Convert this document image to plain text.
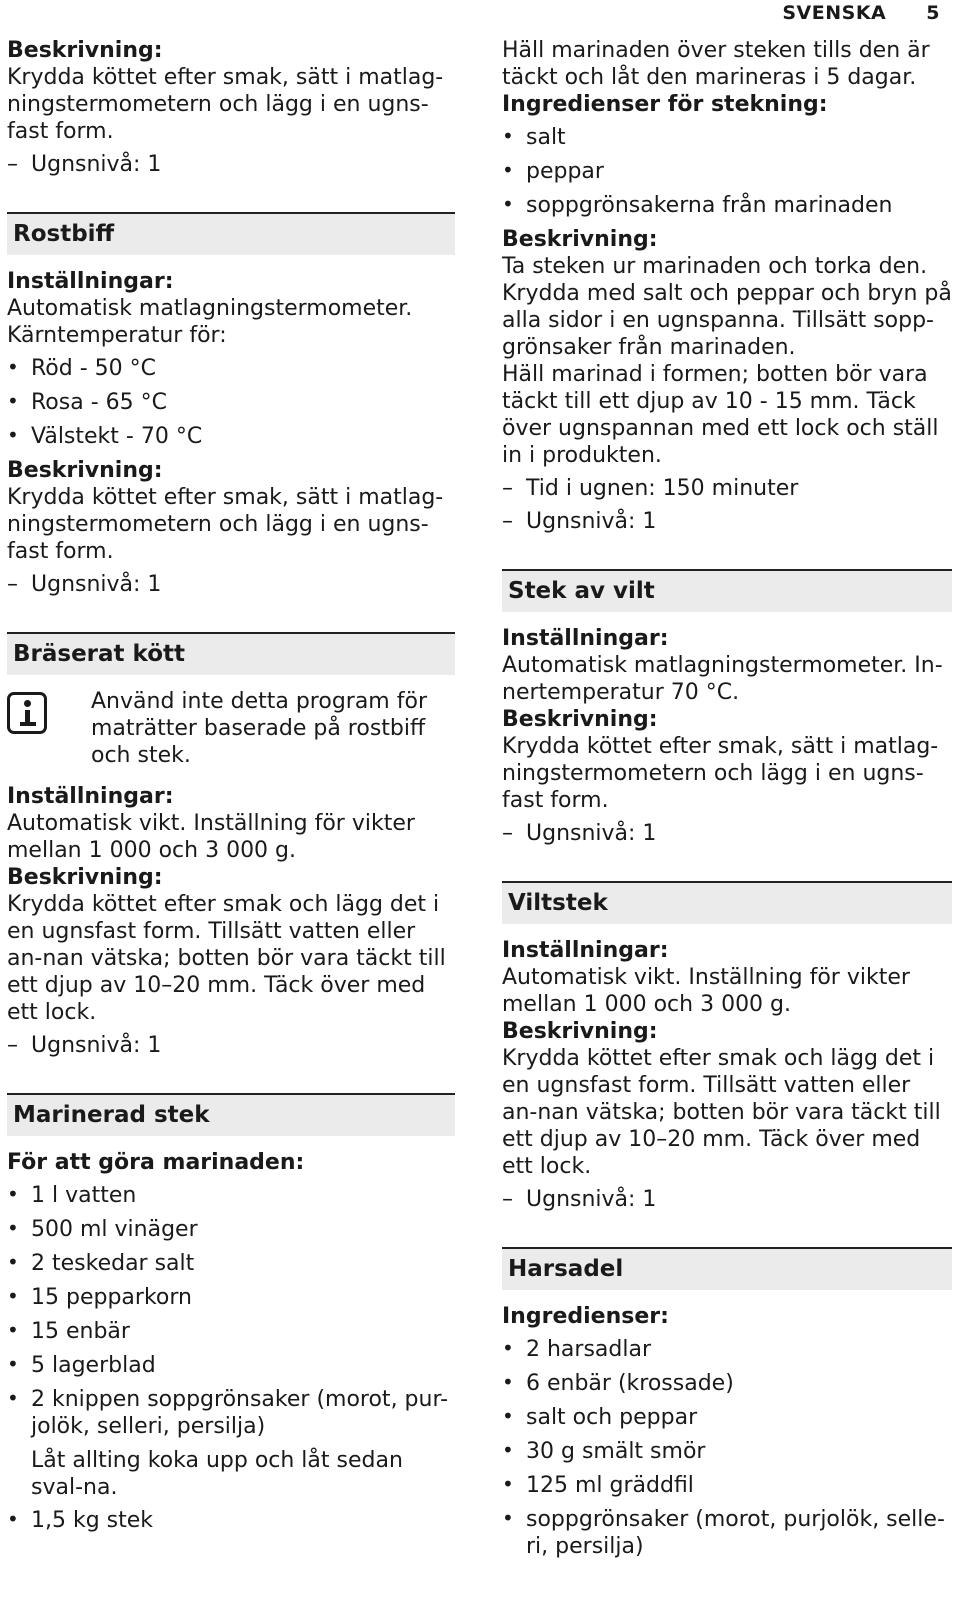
SVENSKA 5
Beskrivning:

Krydda köttet efter smak, sätt i matlag-ningstermometern och lägg i en ugns-fast form.

– Ugnsnivå: 1

Rostbiff
Inställningar:

Automatisk matlagningstermometer. Kärntemperatur för:

• Röd - 50 °C
• Rosa - 65 °C
• Välstekt - 70 °C
Beskrivning:

Krydda köttet efter smak, sätt i matlag-ningstermometern och lägg i en ugns-fast form.

– Ugnsnivå: 1

Bräserat kött
Använd inte detta program för maträtter baserade på rostbiff och stek.
Inställningar:

Automatisk vikt. Inställning för vikter mellan 1 000 och 3 000 g.

Beskrivning:

Krydda köttet efter smak och lägg det i en ugnsfast form. Tillsätt vatten eller an-nan vätska; botten bör vara täckt till ett djup av 10–20 mm. Täck över med ett lock.

– Ugnsnivå: 1

Marinerad stek
För att göra marinaden:
• 1 l vatten
• 500 ml vinäger
• 2 teskedar salt
• 15 pepparkorn
• 15 enbär
• 5 lagerblad
• 2 knippen soppgrönsaker (morot, pur-jolök, selleri, persilja)

Låt allting koka upp och låt sedan sval-na.

• 1,5 kg stek

Häll marinaden över steken tills den är täckt och låt den marineras i 5 dagar.

Ingredienser för stekning:
• salt
• peppar
• soppgrönsakerna från marinaden
Beskrivning:

Ta steken ur marinaden och torka den.

Krydda med salt och peppar och bryn på alla sidor i en ugnspanna. Tillsätt sopp-grönsaker från marinaden.

Häll marinad i formen; botten bör vara täckt till ett djup av 10 - 15 mm. Täck över ugnspannan med ett lock och ställ in i produkten.

– Tid i ugnen: 150 minuter

– Ugnsnivå: 1

Stek av vilt
Inställningar:

Automatisk matlagningstermometer. In-nertemperatur 70 °C.

Beskrivning:

Krydda köttet efter smak, sätt i matlag-ningstermometern och lägg i en ugns-fast form.

– Ugnsnivå: 1

Viltstek
Inställningar:

Automatisk vikt. Inställning för vikter mellan 1 000 och 3 000 g.

Beskrivning:

Krydda köttet efter smak och lägg det i en ugnsfast form. Tillsätt vatten eller an-nan vätska; botten bör vara täckt till ett djup av 10–20 mm. Täck över med ett lock.

– Ugnsnivå: 1

Harsadel
Ingredienser:
• 2 harsadlar
• 6 enbär (krossade)
• salt och peppar
• 30 g smält smör
• 125 ml gräddfil
• soppgrönsaker (morot, purjolök, selle-ri, persilja)
